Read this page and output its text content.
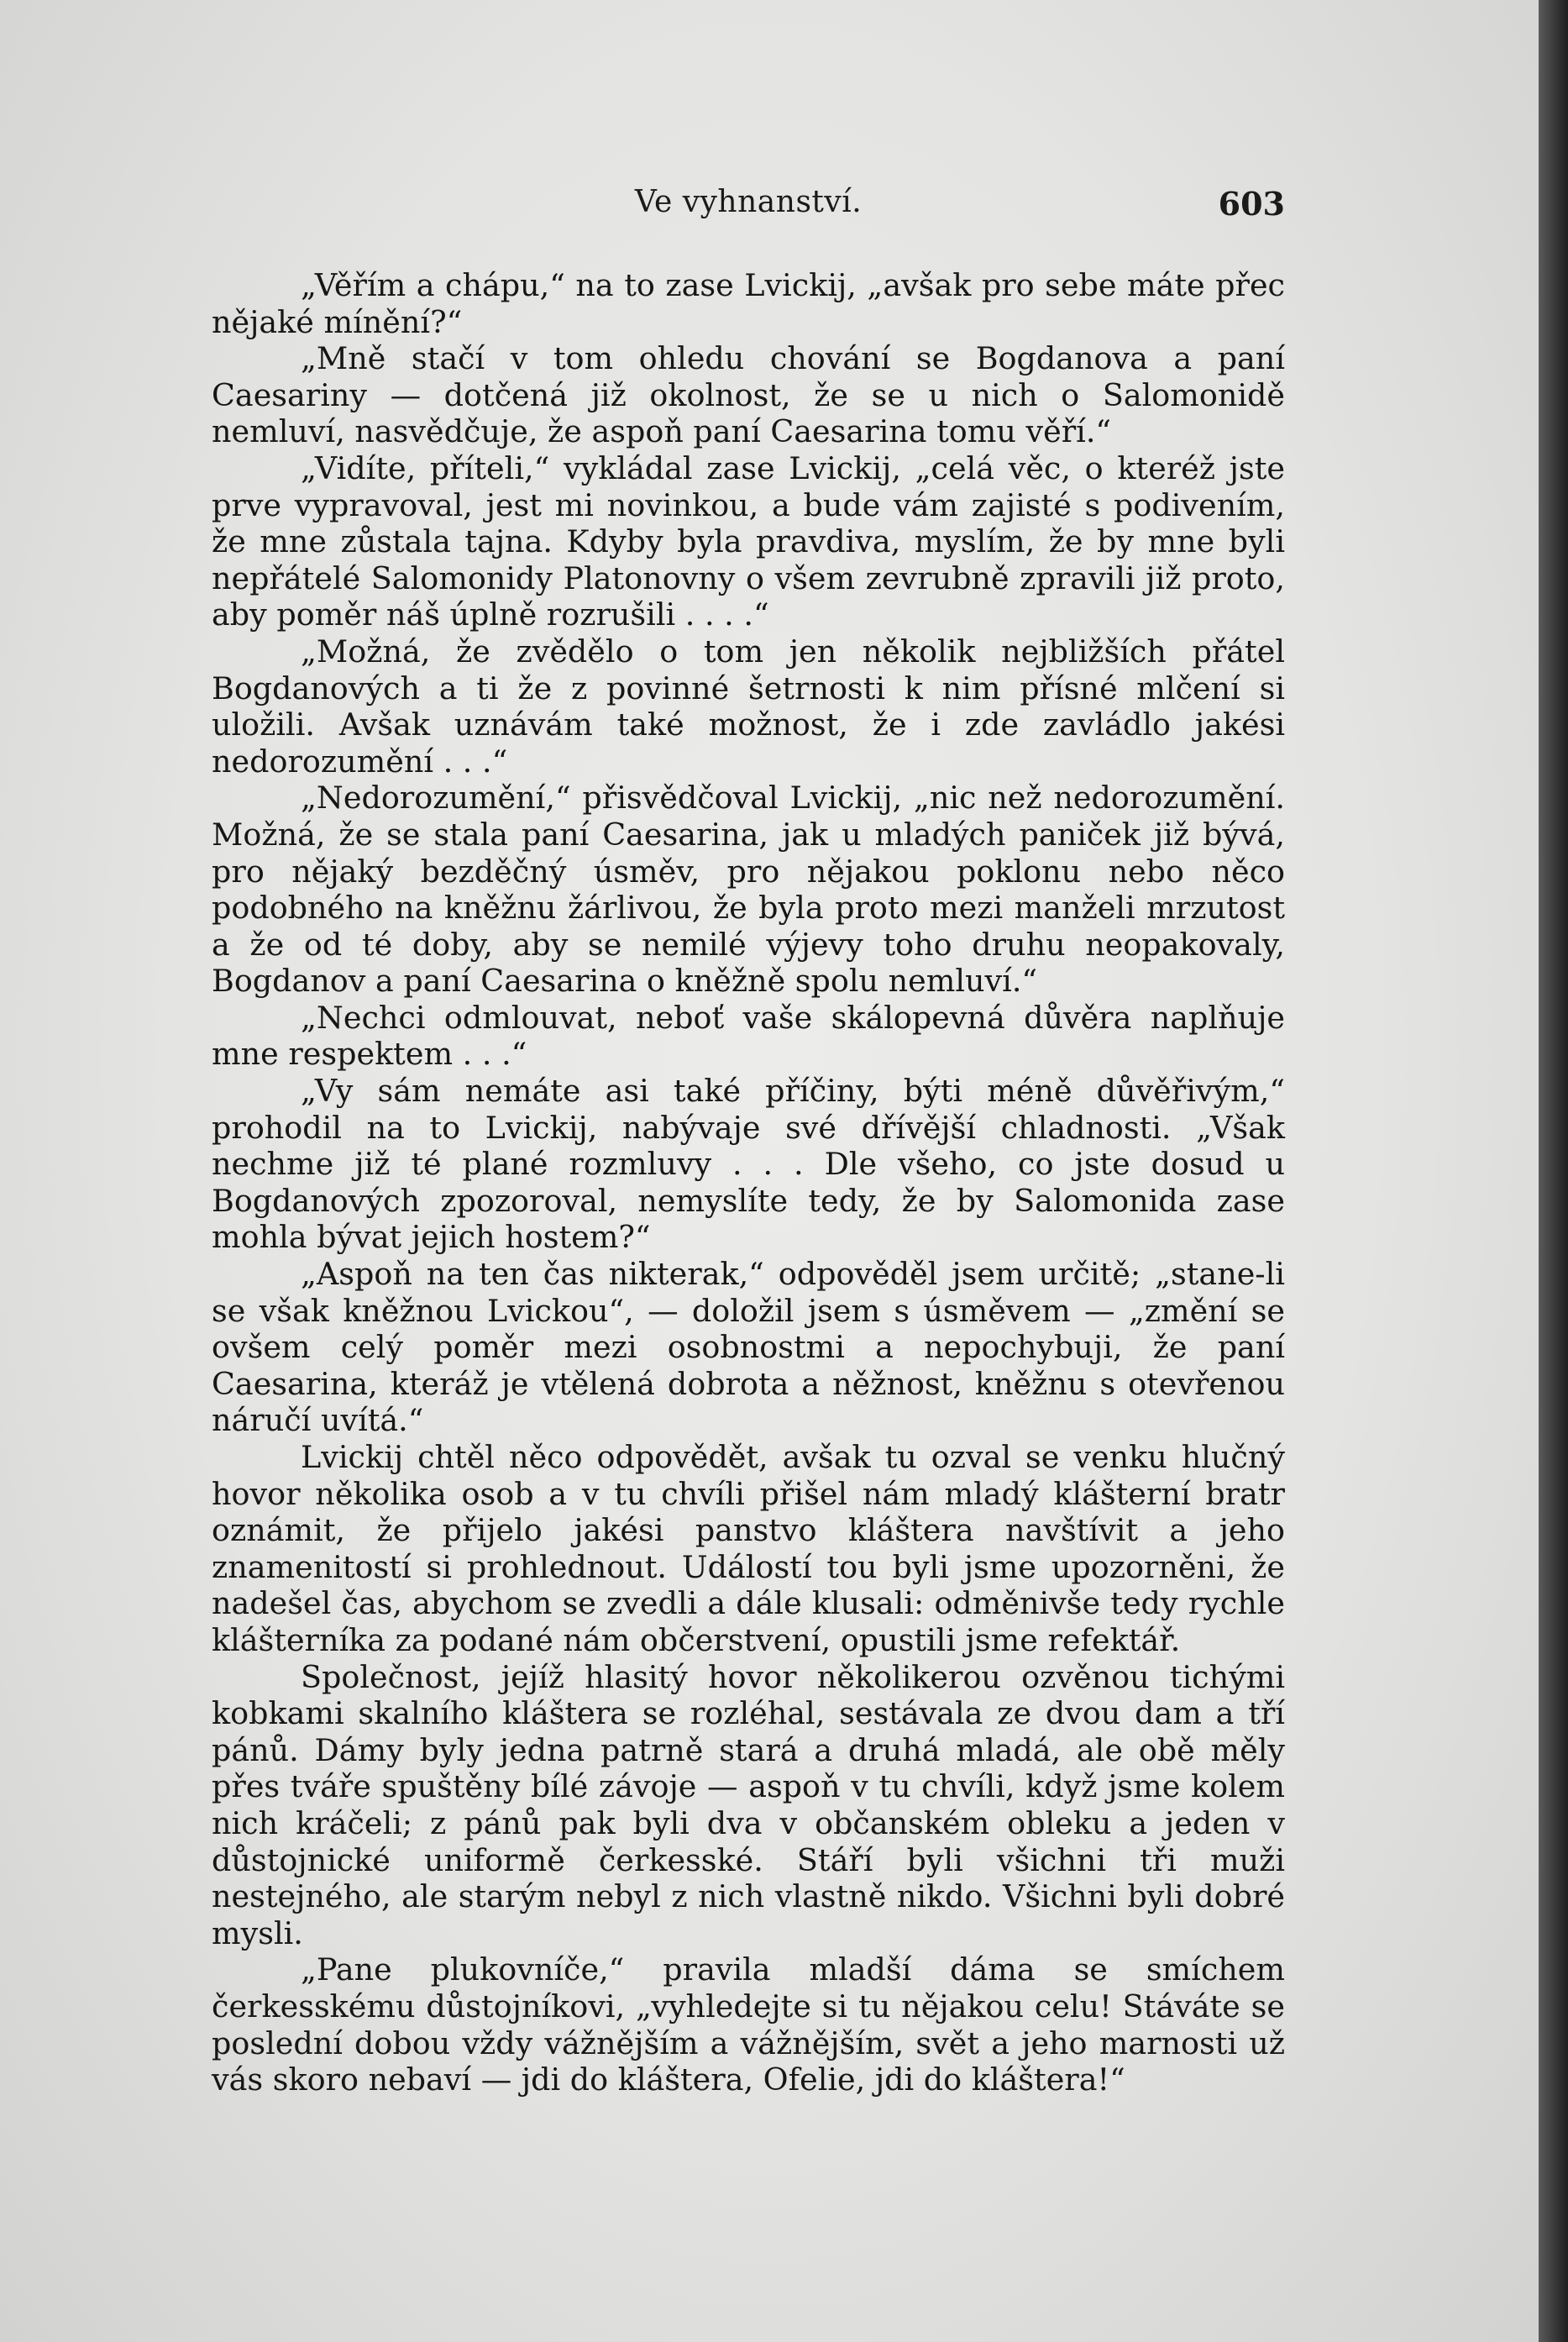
Ve vyhnanství.	603

„Věřím a chápu,“ na to zase Lvickij, „avšak pro sebe máte přec nějaké mínění?“

„Mně stačí v tom ohledu chování se Bogdanova a paní Caesariny — dotčená již okolnost, že se u nich o Salomonidě nemluví, nasvědčuje, že aspoň paní Caesarina tomu věří.“

„Vidíte, příteli,“ vykládal zase Lvickij, „celá věc, o kteréž jste prve vypravoval, jest mi novinkou, a bude vám zajisté s podivením, že mne zůstala tajna. Kdyby byla pravdiva, myslím, že by mne byli nepřátelé Salomonidy Platonovny o všem zevrubně zpravili již proto, aby poměr náš úplně rozrušili . . . .“

„Možná, že zvědělo o tom jen několik nejbližších přátel Bogdanových a ti že z povinné šetrnosti k nim přísné mlčení si uložili. Avšak uznávám také možnost, že i zde zavládlo jakési nedorozumění . . .“

„Nedorozumění,“ přisvědčoval Lvickij, „nic než nedorozumění. Možná, že se stala paní Caesarina, jak u mladých paniček již bývá, pro nějaký bezděčný úsměv, pro nějakou poklonu nebo něco podobného na kněžnu žárlivou, že byla proto mezi manželi mrzutost a že od té doby, aby se nemilé výjevy toho druhu neopakovaly, Bogdanov a paní Caesarina o kněžně spolu nemluví.“

„Nechci odmlouvat, neboť vaše skálopevná důvěra naplňuje mne respektem . . .“

„Vy sám nemáte asi také příčiny, býti méně důvěřivým,“ prohodil na to Lvickij, nabývaje své dřívější chladnosti. „Však nechme již té plané rozmluvy . . . Dle všeho, co jste dosud u Bogdanových zpozoroval, nemyslíte tedy, že by Salomonida zase mohla bývat jejich hostem?“

„Aspoň na ten čas nikterak,“ odpověděl jsem určitě; „stane-li se však kněžnou Lvickou“, — doložil jsem s úsměvem — „změní se ovšem celý poměr mezi osobnostmi a nepochybuji, že paní Caesarina, kteráž je vtělená dobrota a něžnost, kněžnu s otevřenou náručí uvítá.“

Lvickij chtěl něco odpovědět, avšak tu ozval se venku hlučný hovor několika osob a v tu chvíli přišel nám mladý klášterní bratr oznámit, že přijelo jakési panstvo kláštera navštívit a jeho znamenitostí si prohlednout. Událostí tou byli jsme upozorněni, že nadešel čas, abychom se zvedli a dále klusali: odměnivše tedy rychle klášterníka za podané nám občerstvení, opustili jsme refektář.

Společnost, jejíž hlasitý hovor několikerou ozvěnou tichými kobkami skalního kláštera se rozléhal, sestávala ze dvou dam a tří pánů. Dámy byly jedna patrně stará a druhá mladá, ale obě měly přes tváře spuštěny bílé závoje — aspoň v tu chvíli, když jsme kolem nich kráčeli; z pánů pak byli dva v občanském obleku a jeden v důstojnické uniformě čerkesské. Stáří byli všichni tři muži nestejného, ale starým nebyl z nich vlastně nikdo. Všichni byli dobré mysli.

„Pane plukovníče,“ pravila mladší dáma se smíchem čerkesskému důstojníkovi, „vyhledejte si tu nějakou celu! Stáváte se poslední dobou vždy vážnějším a vážnějším, svět a jeho marnosti už vás skoro nebaví — jdi do kláštera, Ofelie, jdi do kláštera!“
